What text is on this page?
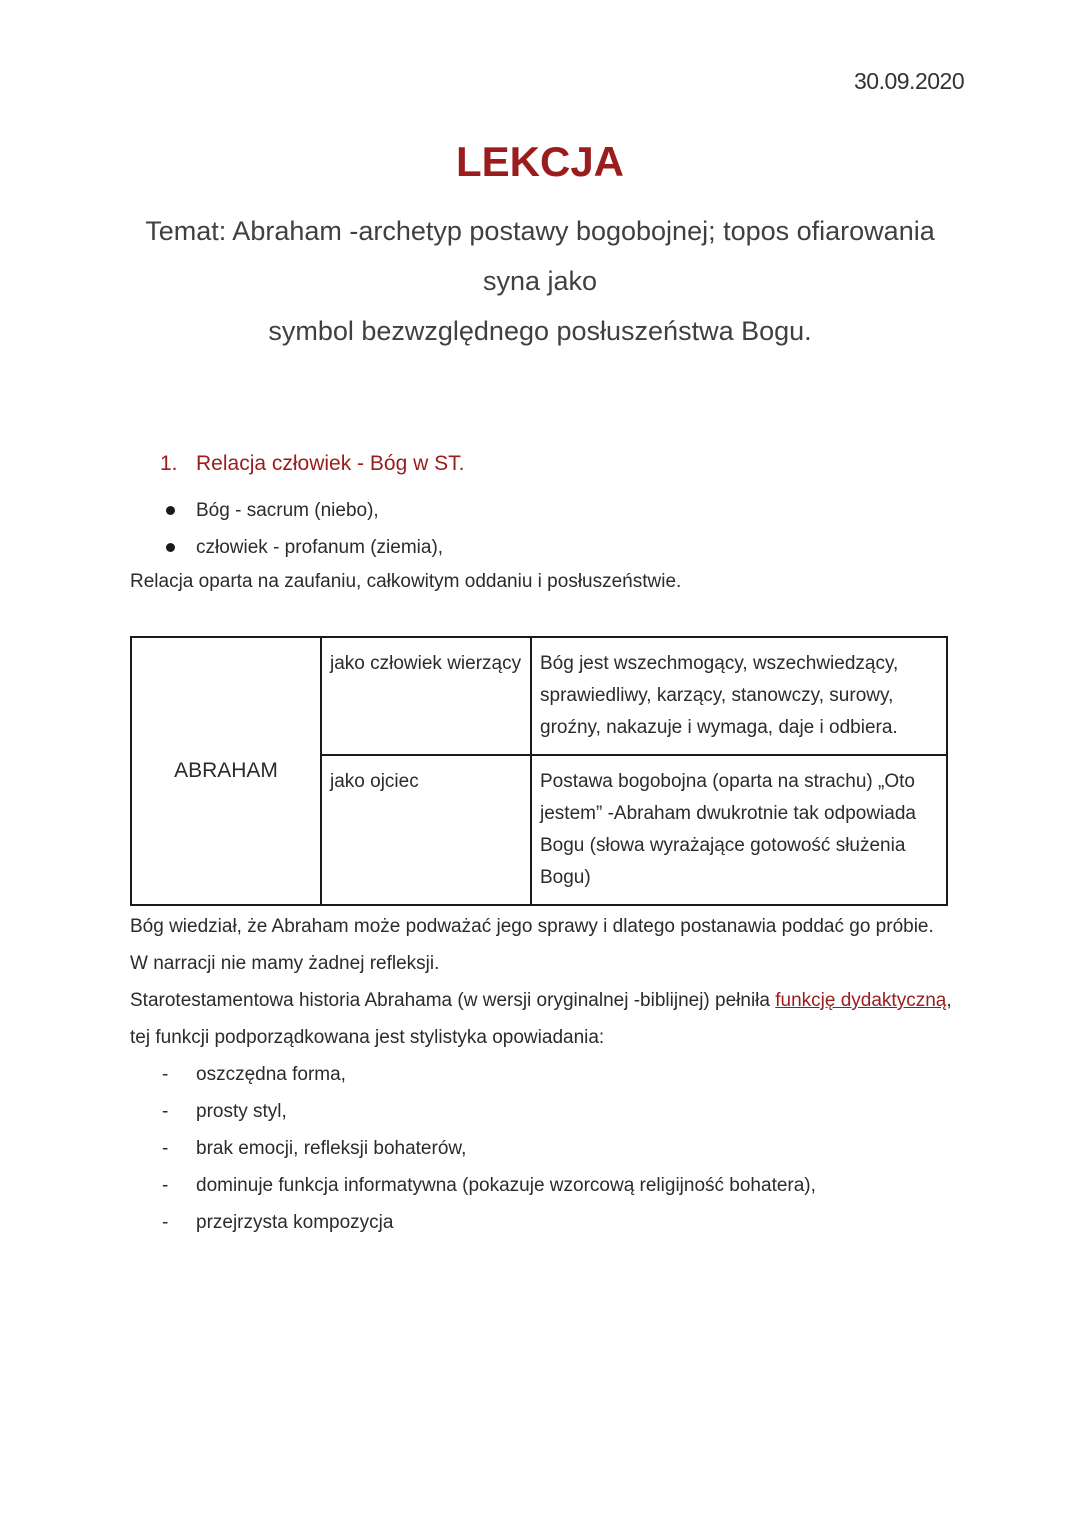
30.09.2020
LEKCJA
Temat: Abraham -archetyp postawy bogobojnej; topos ofiarowania syna jako
symbol bezwzględnego posłuszeństwa Bogu.
1. Relacja człowiek - Bóg w ST.
Bóg - sacrum (niebo),
człowiek - profanum (ziemia),
Relacja oparta na zaufaniu, całkowitym oddaniu i posłuszeństwie.
ABRAHAM	jako człowiek wierzący	Bóg jest wszechmogący, wszechwiedzący, sprawiedliwy, karzący, stanowczy, surowy, groźny, nakazuje i wymaga, daje i odbiera.
	jako ojciec	Postawa bogobojna (oparta na strachu) „Oto jestem” -Abraham dwukrotnie tak odpowiada Bogu (słowa wyrażające gotowość służenia Bogu)
Bóg wiedział, że Abraham może podważać jego sprawy i dlatego postanawia poddać go próbie.
W narracji nie mamy żadnej refleksji.
Starotestamentowa historia Abrahama (w wersji oryginalnej -biblijnej) pełniła funkcję dydaktyczną, tej funkcji podporządkowana jest stylistyka opowiadania:
- oszczędna forma,
- prosty styl,
- brak emocji, refleksji bohaterów,
- dominuje funkcja informatywna (pokazuje wzorcową religijność bohatera),
- przejrzysta kompozycja
